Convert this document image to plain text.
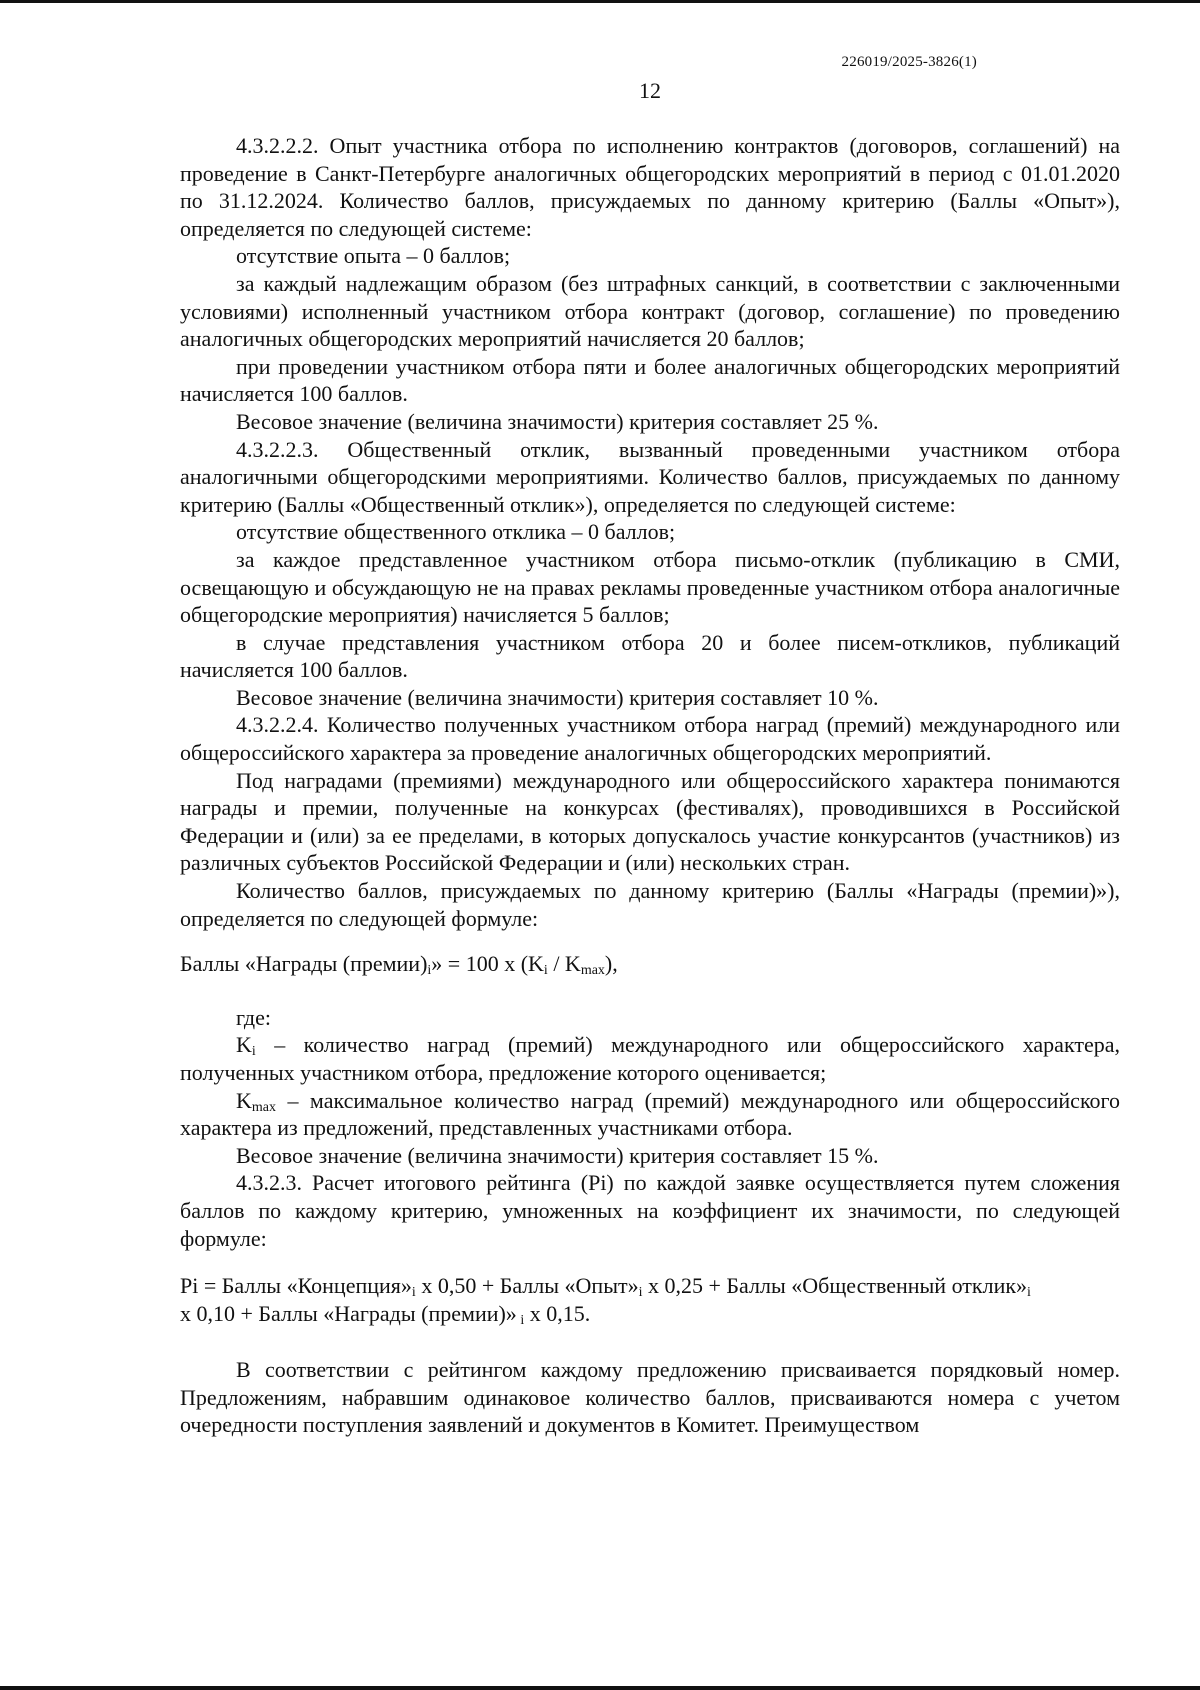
226019/2025-3826(1)
12

4.3.2.2.2. Опыт участника отбора по исполнению контрактов (договоров, соглашений) на проведение в Санкт-Петербурге аналогичных общегородских мероприятий в период с 01.01.2020 по 31.12.2024. Количество баллов, присуждаемых по данному критерию (Баллы «Опыт»), определяется по следующей системе:

отсутствие опыта – 0 баллов;

за каждый надлежащим образом (без штрафных санкций, в соответствии с заключенными условиями) исполненный участником отбора контракт (договор, соглашение) по проведению аналогичных общегородских мероприятий начисляется 20 баллов;

при проведении участником отбора пяти и более аналогичных общегородских мероприятий начисляется 100 баллов.

Весовое значение (величина значимости) критерия составляет 25 %.

4.3.2.2.3. Общественный отклик, вызванный проведенными участником отбора аналогичными общегородскими мероприятиями. Количество баллов, присуждаемых по данному критерию (Баллы «Общественный отклик»), определяется по следующей системе:

отсутствие общественного отклика – 0 баллов;

за каждое представленное участником отбора письмо-отклик (публикацию в СМИ, освещающую и обсуждающую не на правах рекламы проведенные участником отбора аналогичные общегородские мероприятия) начисляется 5 баллов;

в случае представления участником отбора 20 и более писем-откликов, публикаций начисляется 100 баллов.

Весовое значение (величина значимости) критерия составляет 10 %.

4.3.2.2.4. Количество полученных участником отбора наград (премий) международного или общероссийского характера за проведение аналогичных общегородских мероприятий.

Под наградами (премиями) международного или общероссийского характера понимаются награды и премии, полученные на конкурсах (фестивалях), проводившихся в Российской Федерации и (или) за ее пределами, в которых допускалось участие конкурсантов (участников) из различных субъектов Российской Федерации и (или) нескольких стран.

Количество баллов, присуждаемых по данному критерию (Баллы «Награды (премии)»), определяется по следующей формуле:

Баллы «Награды $(премии)_i$» = 100 x $(K_i / K_{max})$,

где:

$K_i$ – количество наград (премий) международного или общероссийского характера, полученных участником отбора, предложение которого оценивается;

$K_{max}$ – максимальное количество наград (премий) международного или общероссийского характера из предложений, представленных участниками отбора.

Весовое значение (величина значимости) критерия составляет 15 %.

4.3.2.3. Расчет итогового рейтинга (Pi) по каждой заявке осуществляется путем сложения баллов по каждому критерию, умноженных на коэффициент их значимости, по следующей формуле:

Pi = Баллы «$Концепция»_i$ x 0,50 + Баллы «$Опыт»_i$ x 0,25 + Баллы «Общественный $отклик»_i$
x 0,10 + Баллы «Награды (премии)» $_i$ x 0,15.

В соответствии с рейтингом каждому предложению присваивается порядковый номер. Предложениям, набравшим одинаковое количество баллов, присваиваются номера с учетом очередности поступления заявлений и документов в Комитет. Преимуществом
